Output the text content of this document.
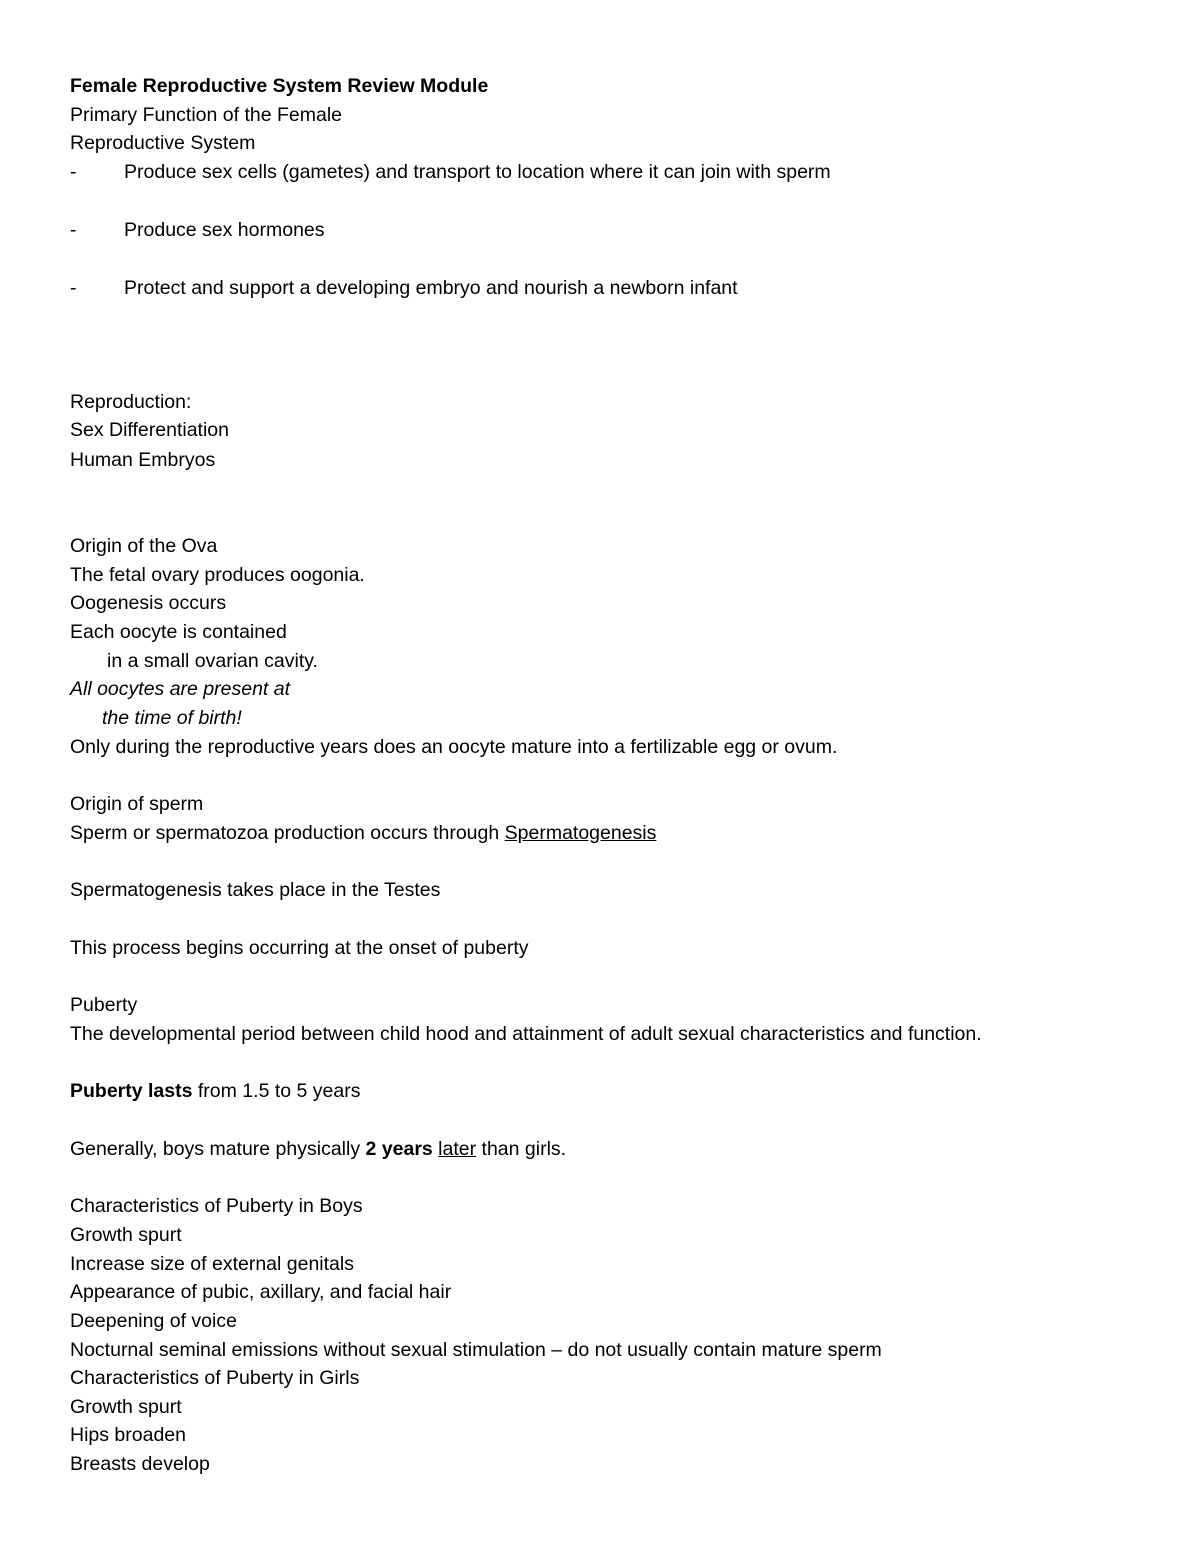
Female Reproductive System Review Module
Primary Function of the Female
Reproductive System
- Produce sex cells (gametes) and transport to location where it can join with sperm
- Produce sex hormones
- Protect and support a developing embryo and nourish a newborn infant
Reproduction:
Sex Differentiation
Human Embryos
Origin of the Ova
The fetal ovary produces oogonia.
Oogenesis occurs
Each oocyte is contained
in a small ovarian cavity.
All oocytes are present at
the time of birth!
Only during the reproductive years does an oocyte mature into a fertilizable egg or ovum.
Origin of sperm
Sperm or spermatozoa production occurs through Spermatogenesis
Spermatogenesis takes place in the Testes
This process begins occurring at the onset of puberty
Puberty
The developmental period between child hood and attainment of adult sexual characteristics and function.
Puberty lasts from 1.5 to 5 years
Generally, boys mature physically 2 years later than girls.
Characteristics of Puberty in Boys
Growth spurt
Increase size of external genitals
Appearance of pubic, axillary, and facial hair
Deepening of voice
Nocturnal seminal emissions without sexual stimulation – do not usually contain mature sperm
Characteristics of Puberty in Girls
Growth spurt
Hips broaden
Breasts develop
